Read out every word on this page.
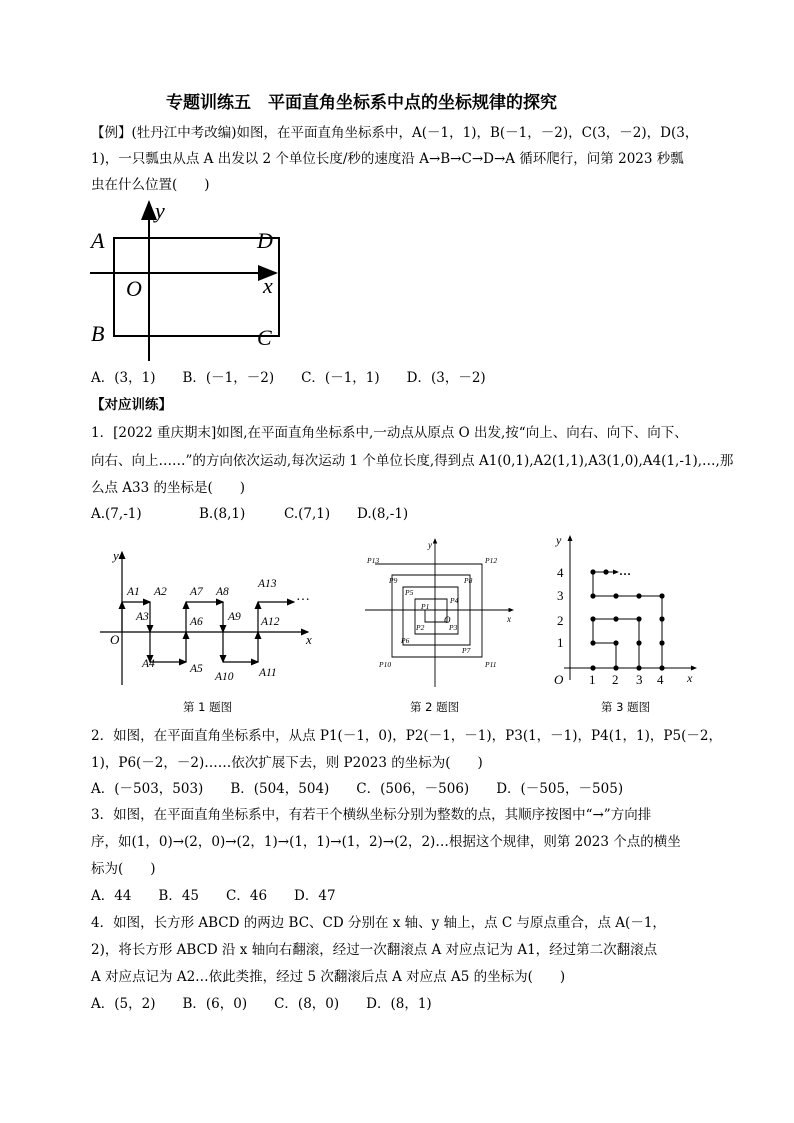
专题训练五　平面直角坐标系中点的坐标规律的探究
【例】(牡丹江中考改编)如图，在平面直角坐标系中，A(－1，1)，B(－1，－2)，C(3，－2)，D(3，
1)，一只瓢虫从点 A 出发以 2 个单位长度/秒的速度沿 A→B→C→D→A 循环爬行，问第 2023 秒瓢
虫在什么位置(　　)
y
x
O
A
B	C
D
A．(3，1)　　B．(－1，－2)　　C．(－1，1)　　D．(3，－2)
【对应训练】
1．[2022 重庆期末]如图,在平面直角坐标系中,一动点从原点 O 出发,按“向上、向右、向下、向下、
向右、向上……”的方向依次运动,每次运动 1 个单位长度,得到点 A1(0,1),A2(1,1),A3(1,0),A4(1,-1),…,那
么点 A33 的坐标是(　　)
A.(7,-1)	B.(8,1)	C.(7,1) D.(8,-1)
y
x
O
…
A1 A2
A3
A4	A5
A6
A7 A8
A9
A10 A11
A12
A13
第 1 题图
y
x
O
P1
P2	P3
P4
P5
P6
P7
P8
P9
P10	P11
P12
P13
第 2 题图
y
x
O 1 2 3 4
1
2
3
4	…
第 3 题图
2．如图，在平面直角坐标系中，从点 P1(－1，0)，P2(－1，－1)，P3(1，－1)，P4(1，1)，P5(－2，
1)，P6(－2，－2)……依次扩展下去，则 P2023 的坐标为(　　)
A．(－503，503)　　B．(504，504)　　C．(506，－506)　　D．(－505，－505)
3．如图，在平面直角坐标系中，有若干个横纵坐标分别为整数的点，其顺序按图中“→”方向排
序，如(1，0)→(2，0)→(2，1)→(1，1)→(1，2)→(2，2)…根据这个规律，则第 2023 个点的横坐
标为(　　)
A．44　　B．45　　C．46　　D．47
4．如图，长方形 ABCD 的两边 BC、CD 分别在 x 轴、y 轴上，点 C 与原点重合，点 A(－1，
2)，将长方形 ABCD 沿 x 轴向右翻滚，经过一次翻滚点 A 对应点记为 A1，经过第二次翻滚点
A 对应点记为 A2…依此类推，经过 5 次翻滚后点 A 对应点 A5 的坐标为(　　)
A．(5，2)　　B．(6，0)　　C．(8，0)　　D．(8，1)
